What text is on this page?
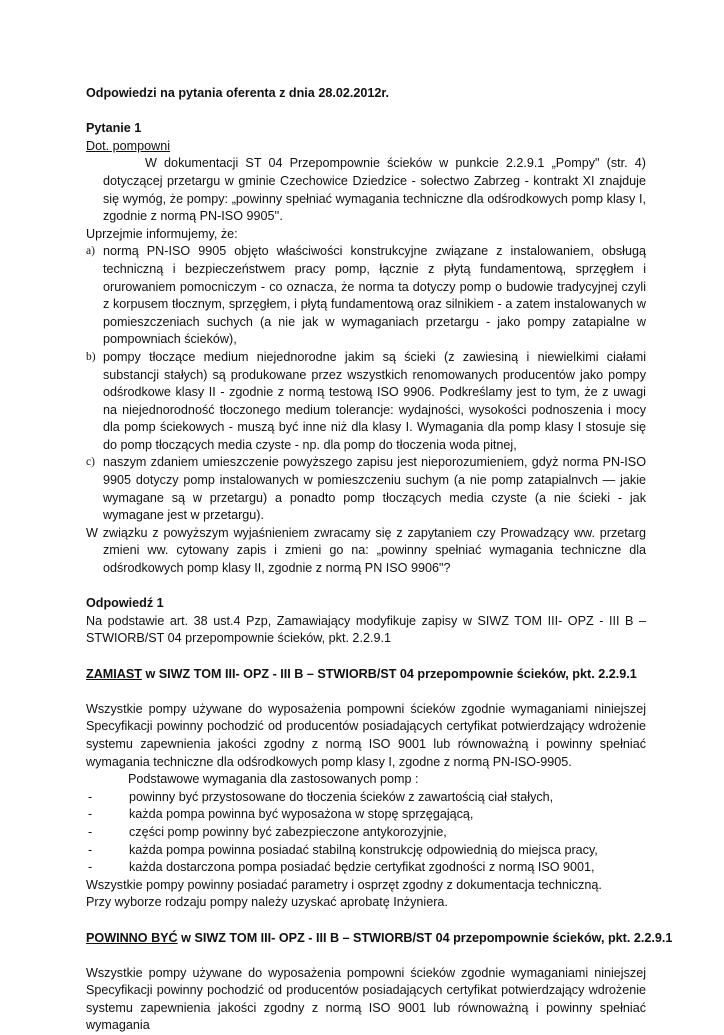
Odpowiedzi na pytania oferenta z dnia 28.02.2012r.

Pytanie 1

Dot. pompowni

W dokumentacji ST 04 Przepompownie ścieków w punkcie 2.2.9.1 „Pompy" (str. 4) dotyczącej przetargu w gminie Czechowice Dziedzice - sołectwo Zabrzeg - kontrakt XI znajduje się wymóg, że pompy: „powinny spełniać wymagania techniczne dla odśrodkowych pomp klasy I, zgodnie z normą PN-ISO 9905''.

Uprzejmie informujemy, że:

a) normą PN-ISO 9905 objęto właściwości konstrukcyjne związane z instalowaniem, obsługą techniczną i bezpieczeństwem pracy pomp, łącznie z płytą fundamentową, sprzęgłem i orurowaniem pomocniczym - co oznacza, że norma ta dotyczy pomp o budowie tradycyjnej czyli z korpusem tłocznym, sprzęgłem, i płytą fundamentową oraz silnikiem - a zatem instalowanych w pomieszczeniach suchych (a nie jak w wymaganiach przetargu - jako pompy zatapialne w pompowniach ścieków),
b) pompy tłoczące medium niejednorodne jakim są ścieki (z zawiesiną i niewielkimi ciałami substancji stałych) są produkowane przez wszystkich renomowanych producentów jako pompy odśrodkowe klasy II - zgodnie z normą testową ISO 9906. Podkreślamy jest to tym, że z uwagi na niejednorodność tłoczonego medium tolerancje: wydajności, wysokości podnoszenia i mocy dla pomp ściekowych - muszą być inne niż dla klasy I. Wymagania dla pomp klasy I stosuje się do pomp tłoczących media czyste - np. dla pomp do tłoczenia woda pitnej,
c) naszym zdaniem umieszczenie powyższego zapisu jest nieporozumieniem, gdyż norma PN-ISO 9905 dotyczy pomp instalowanych w pomieszczeniu suchym (a nie pomp zatapialnvch — jakie wymagane są w przetargu) a ponadto pomp tłoczących media czyste (a nie ścieki - jak wymagane jest w przetargu).

W związku z powyższym wyjaśnieniem zwracamy się z zapytaniem czy Prowadzący ww. przetarg zmieni ww. cytowany zapis i zmieni go na: „powinny spełniać wymagania techniczne dla odśrodkowych pomp klasy II, zgodnie z normą PN ISO 9906"?

Odpowiedź 1

Na podstawie art. 38 ust.4 Pzp, Zamawiający modyfikuje zapisy w SIWZ TOM III- OPZ - III B – STWIORB/ST 04 przepompownie ścieków, pkt. 2.2.9.1

ZAMIAST w SIWZ TOM III- OPZ - III B – STWIORB/ST 04 przepompownie ścieków, pkt. 2.2.9.1

Wszystkie pompy używane do wyposażenia pompowni ścieków zgodnie wymaganiami niniejszej Specyfikacji powinny pochodzić od producentów posiadających certyfikat potwierdzający wdrożenie systemu zapewnienia jakości zgodny z normą ISO 9001 lub równoważną i powinny spełniać wymagania techniczne dla odśrodkowych pomp klasy I, zgodne z normą PN-ISO-9905.

Podstawowe wymagania dla zastosowanych pomp :

-	powinny być przystosowane do tłoczenia ścieków z zawartością ciał stałych,
-	każda pompa powinna być wyposażona w stopę sprzęgającą,
-	części pomp powinny być zabezpieczone antykorozyjnie,
-	każda pompa powinna posiadać stabilną konstrukcję odpowiednią do miejsca pracy,
-	każda dostarczona pompa posiadać będzie certyfikat zgodności z normą ISO 9001,

Wszystkie pompy powinny posiadać parametry i osprzęt zgodny z dokumentacja techniczną.

Przy wyborze rodzaju pompy należy uzyskać aprobatę Inżyniera.

POWINNO BYĆ w SIWZ TOM III- OPZ - III B – STWIORB/ST 04 przepompownie ścieków, pkt. 2.2.9.1

Wszystkie pompy używane do wyposażenia pompowni ścieków zgodnie wymaganiami niniejszej Specyfikacji powinny pochodzić od producentów posiadających certyfikat potwierdzający wdrożenie systemu zapewnienia jakości zgodny z normą ISO 9001 lub równoważną i powinny spełniać wymagania
